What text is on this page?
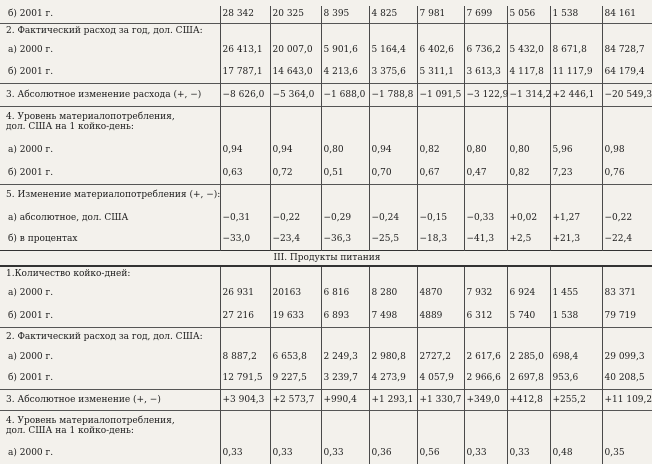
б) 2001 г.	28 342	20 325	8 395	4 825	7 981	7 699	5 056	1 538	84 161
2. Фактический расход за год, дол. США:									
а) 2000 г.	26 413,1	20 007,0	5 901,6	5 164,4	6 402,6	6 736,2	5 432,0	8 671,8	84 728,7
б) 2001 г.	17 787,1	14 643,0	4 213,6	3 375,6	5 311,1	3 613,3	4 117,8	11 117,9	64 179,4
3. Абсолютное изменение расхода (+, −)	−8 626,0	−5 364,0	−1 688,0	−1 788,8	−1 091,5	−3 122,9	−1 314,2	+2 446,1	−20 549,3

4. Уровень материалопотребления,
дол. США на 1 койко-день:									

а) 2000 г.	0,94	0,94	0,80	0,94	0,82	0,80	0,80	5,96	0,98
б) 2001 г.	0,63	0,72	0,51	0,70	0,67	0,47	0,82	7,23	0,76
5. Изменение материалопотребления (+, −):									
а) абсолютное, дол. США	−0,31	−0,22	−0,29	−0,24	−0,15	−0,33	+0,02	+1,27	−0,22
б) в процентах	−33,0	−23,4	−36,3	−25,5	−18,3	−41,3	+2,5	+21,3	−22,4
III. Продукты питания									
1.Количество койко-дней:									
а) 2000 г.	26 931	20163	6 816	8 280	4870	7 932	6 924	1 455	83 371
б) 2001 г.	27 216	19 633	6 893	7 498	4889	6 312	5 740	1 538	79 719
2. Фактический расход за год, дол. США:									
а) 2000 г.	8 887,2	6 653,8	2 249,3	2 980,8	2727,2	2 617,6	2 285,0	698,4	29 099,3
б) 2001 г.	12 791,5	9 227,5	3 239,7	4 273,9	4 057,9	2 966,6	2 697,8	953,6	40 208,5
3. Абсолютное изменение (+, −)	+3 904,3	+2 573,7	+990,4	+1 293,1	+1 330,7	+349,0	+412,8	+255,2	+11 109,2

4. Уровень материалопотребления,
дол. США на 1 койко-день:									

а) 2000 г.	0,33	0,33	0,33	0,36	0,56	0,33	0,33	0,48	0,35
